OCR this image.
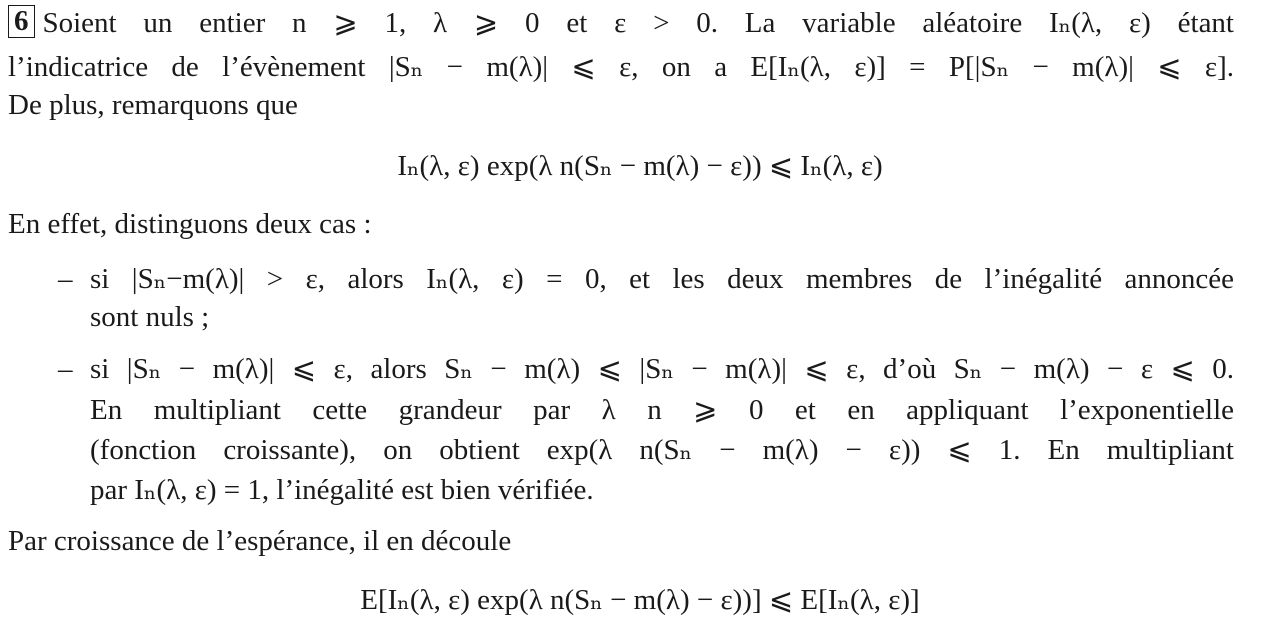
6 Soient un entier n ⩾ 1, λ ⩾ 0 et ε > 0. La variable aléatoire Iₙ(λ, ε) étant
l’indicatrice de l’évènement |Sₙ − m(λ)| ⩽ ε, on a E[Iₙ(λ, ε)] = P[|Sₙ − m(λ)| ⩽ ε].
De plus, remarquons que
Iₙ(λ, ε) exp(λ n(Sₙ − m(λ) − ε)) ⩽ Iₙ(λ, ε)
En effet, distinguons deux cas :
– si |Sₙ−m(λ)| > ε, alors Iₙ(λ, ε) = 0, et les deux membres de l’inégalité annoncée
sont nuls ;
– si |Sₙ − m(λ)| ⩽ ε, alors Sₙ − m(λ) ⩽ |Sₙ − m(λ)| ⩽ ε, d’où Sₙ − m(λ) − ε ⩽ 0.
En multipliant cette grandeur par λ n ⩾ 0 et en appliquant l’exponentielle
(fonction croissante), on obtient exp(λ n(Sₙ − m(λ) − ε)) ⩽ 1. En multipliant
par Iₙ(λ, ε) = 1, l’inégalité est bien vérifiée.
Par croissance de l’espérance, il en découle
E[Iₙ(λ, ε) exp(λ n(Sₙ − m(λ) − ε))] ⩽ E[Iₙ(λ, ε)]
